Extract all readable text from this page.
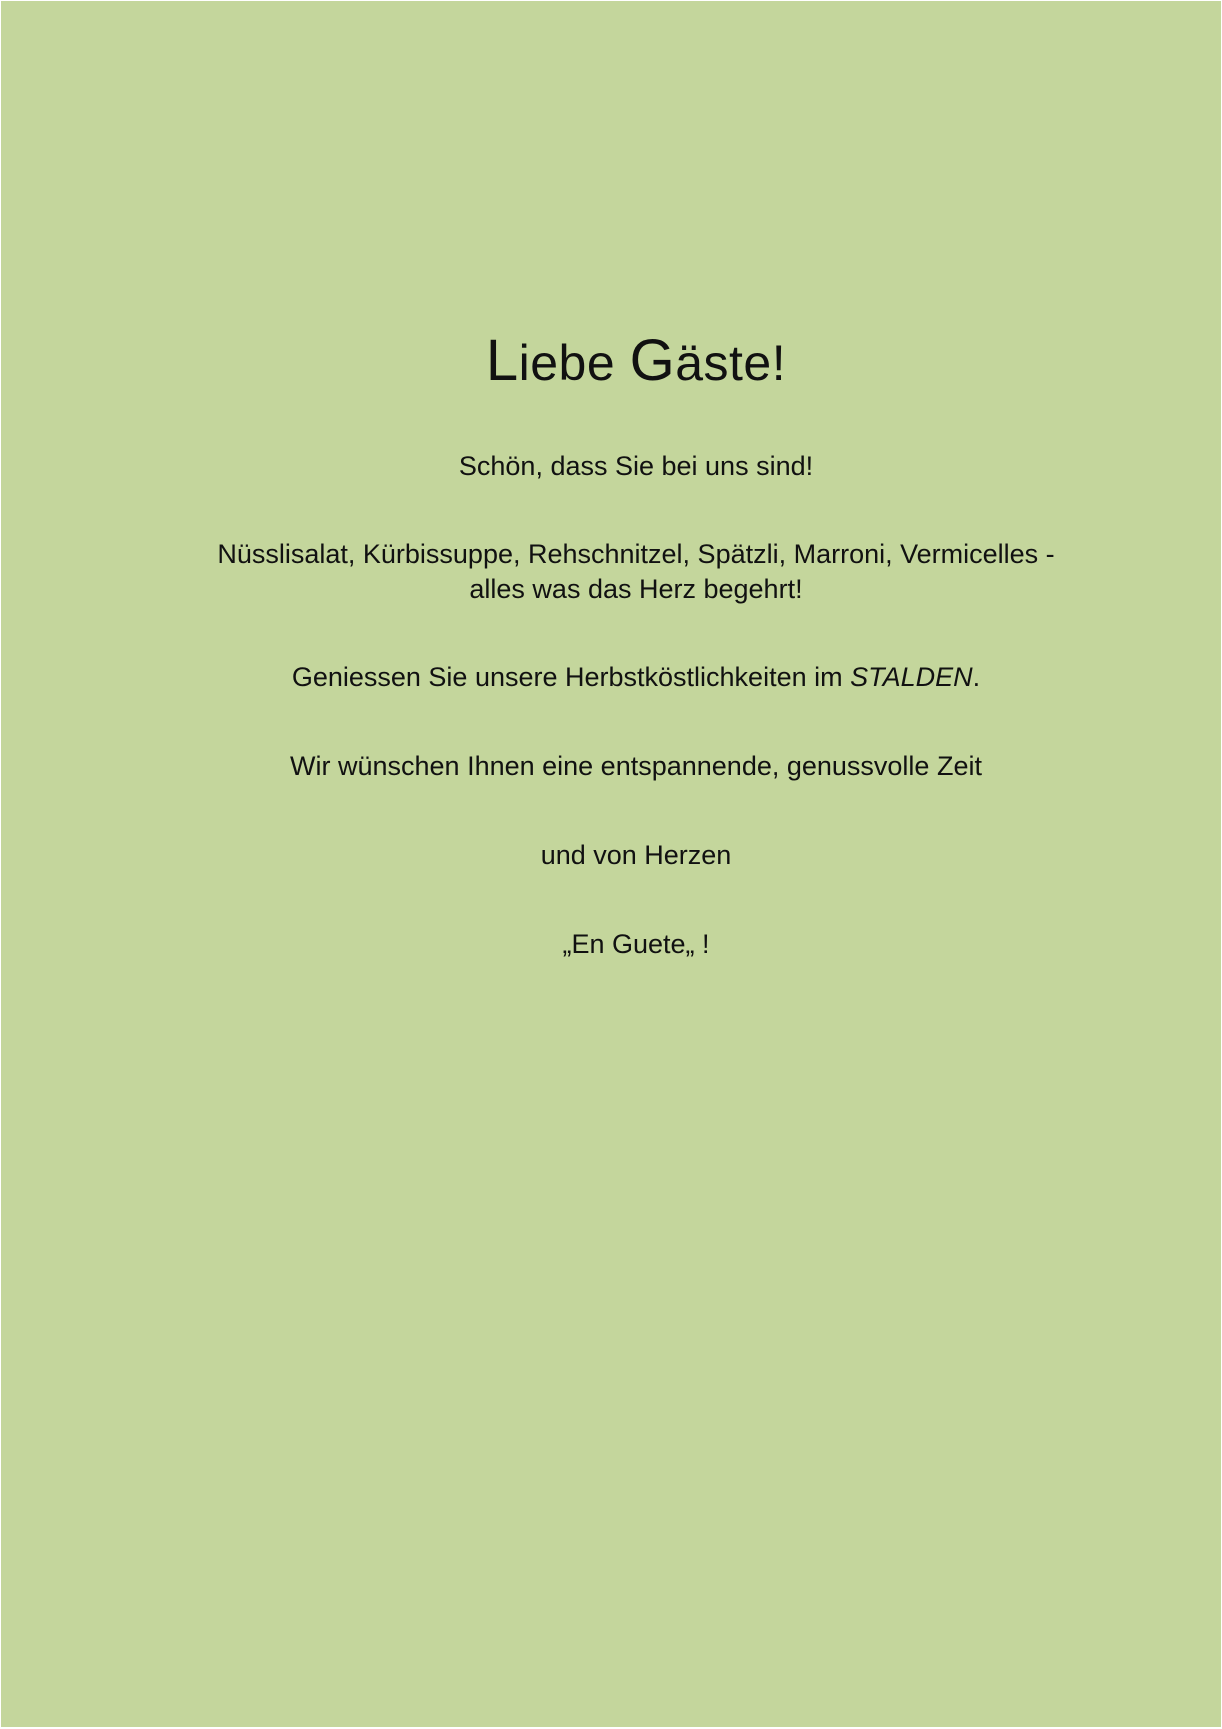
Liebe Gäste!

Schön, dass Sie bei uns sind!

Nüsslisalat, Kürbissuppe, Rehschnitzel, Spätzli, Marroni, Vermicelles -
alles was das Herz begehrt!

Geniessen Sie unsere Herbstköstlichkeiten im STALDEN.

Wir wünschen Ihnen eine entspannende, genussvolle Zeit

und von Herzen

„En Guete„ !
